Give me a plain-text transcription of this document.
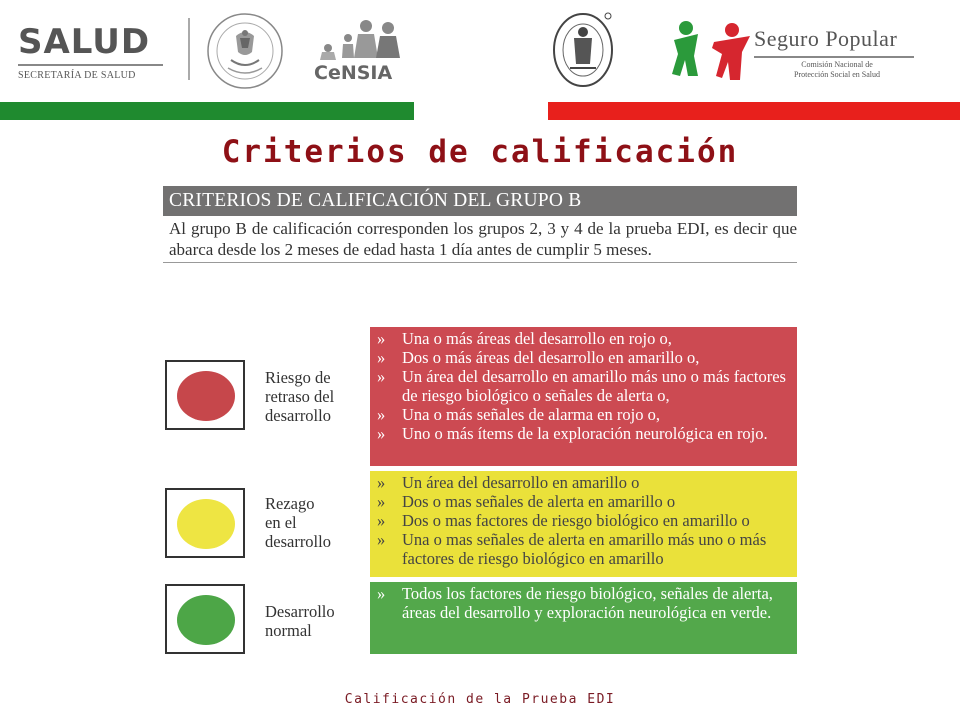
SALUD
SECRETARÍA DE SALUD	CeNSIA
Seguro Popular
Comisión Nacional de
Protección Social en Salud
Criterios de calificación
CRITERIOS DE CALIFICACIÓN DEL GRUPO B

Al grupo B de calificación corresponden los grupos 2, 3 y 4 de la prueba EDI, es decir que abarca desde los 2 meses de edad hasta 1 día antes de cumplir 5 meses.

Riesgo de
retraso del
desarrollo
» Una o más áreas del desarrollo en rojo o,
» Dos o más áreas del desarrollo en amarillo o,
» Un área del desarrollo en amarillo más uno o más factores de riesgo biológico o señales de alerta o,
» Una o más señales de alarma en rojo o,
» Uno o más ítems de la exploración neurológica en rojo.
Rezago
en el
desarrollo
» Un área del desarrollo en amarillo o
» Dos o mas señales de alerta en amarillo o
» Dos o mas factores de riesgo biológico en amarillo o
» Una o mas señales de alerta en amarillo más uno o más factores de riesgo biológico en amarillo
Desarrollo
normal
» Todos los factores de riesgo biológico, señales de alerta, áreas del desarrollo y exploración neurológica en verde.
Calificación de la Prueba EDI
